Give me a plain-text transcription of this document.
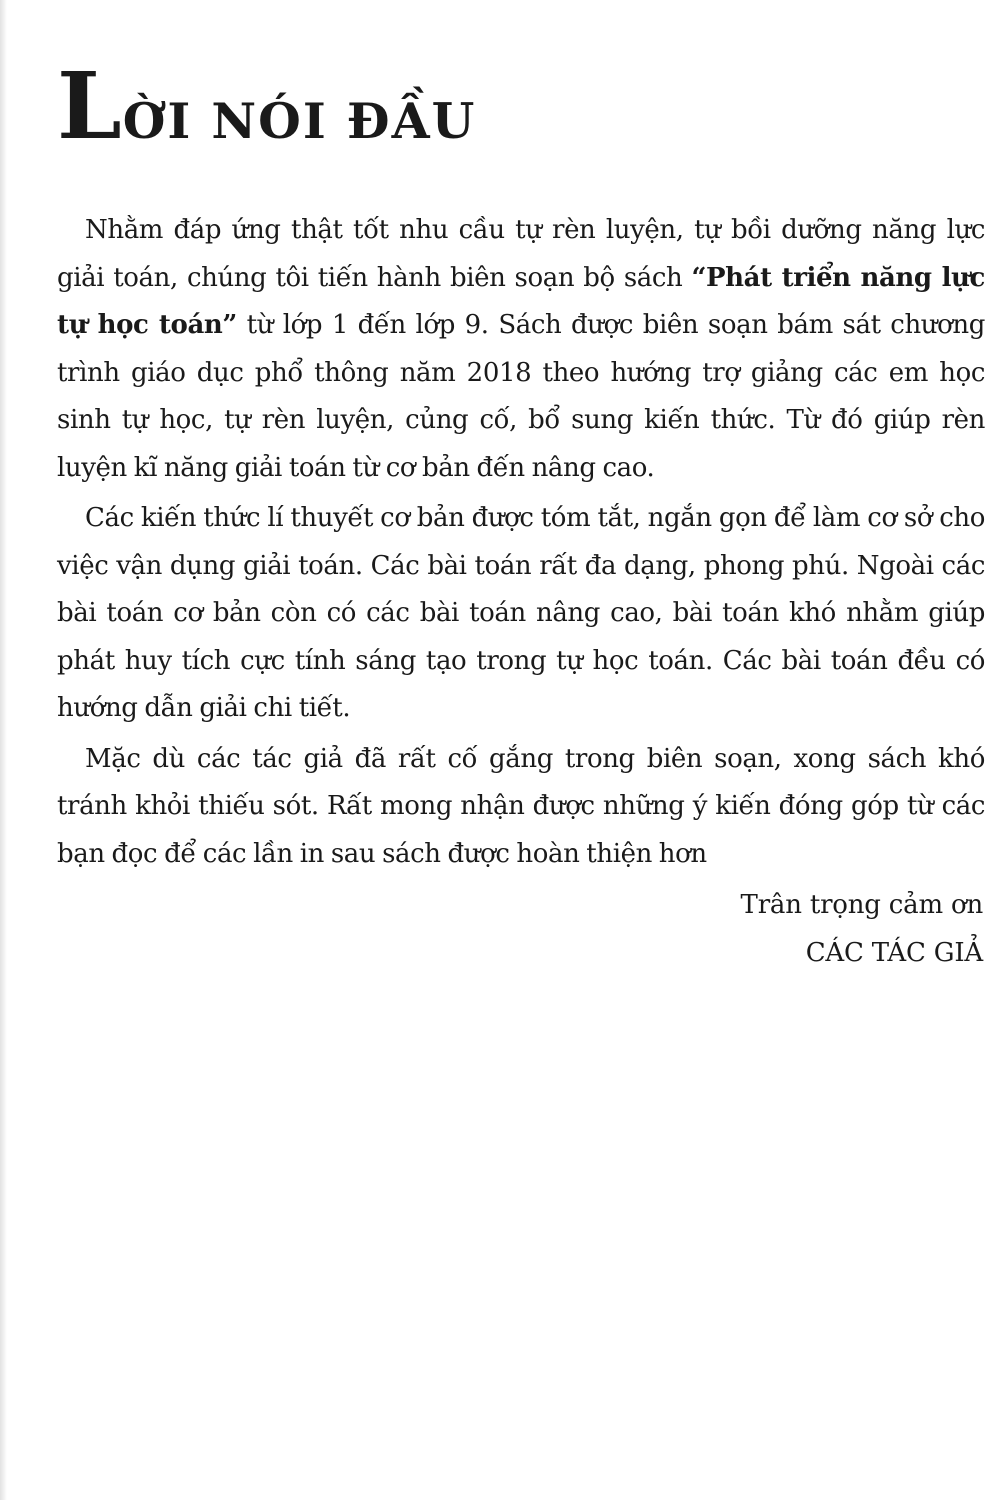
LỜI NÓI ĐẦU

Nhằm đáp ứng thật tốt nhu cầu tự rèn luyện, tự bồi dưỡng năng lực giải toán, chúng tôi tiến hành biên soạn bộ sách “Phát triển năng lực tự học toán” từ lớp 1 đến lớp 9. Sách được biên soạn bám sát chương trình giáo dục phổ thông năm 2018 theo hướng trợ giảng các em học sinh tự học, tự rèn luyện, củng cố, bổ sung kiến thức. Từ đó giúp rèn luyện kĩ năng giải toán từ cơ bản đến nâng cao.

Các kiến thức lí thuyết cơ bản được tóm tắt, ngắn gọn để làm cơ sở cho việc vận dụng giải toán. Các bài toán rất đa dạng, phong phú. Ngoài các bài toán cơ bản còn có các bài toán nâng cao, bài toán khó nhằm giúp phát huy tích cực tính sáng tạo trong tự học toán. Các bài toán đều có hướng dẫn giải chi tiết.

Mặc dù các tác giả đã rất cố gắng trong biên soạn, xong sách khó tránh khỏi thiếu sót. Rất mong nhận được những ý kiến đóng góp từ các bạn đọc để các lần in sau sách được hoàn thiện hơn

Trân trọng cảm ơn
CÁC TÁC GIẢ
